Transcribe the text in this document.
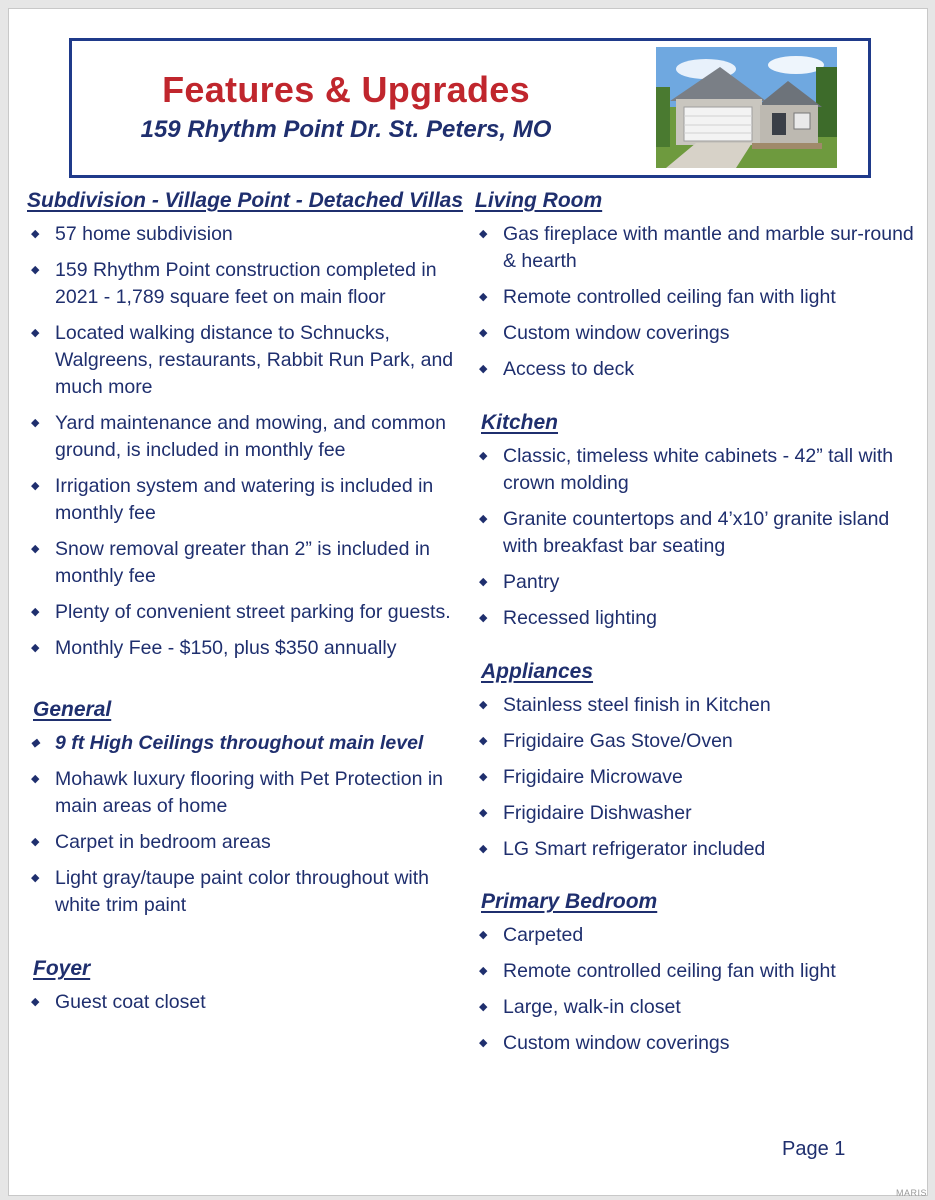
Features & Upgrades
159 Rhythm Point Dr. St. Peters, MO
Subdivision - Village Point - Detached Villas
◆ 57 home subdivision
◆ 159 Rhythm Point construction completed in 2021 - 1,789 square feet on main floor
◆ Located walking distance to Schnucks, Walgreens, restaurants, Rabbit Run Park, and much more
◆ Yard maintenance and mowing, and common ground, is included in monthly fee
◆ Irrigation system and watering is included in monthly fee
◆ Snow removal greater than 2” is included in monthly fee
◆ Plenty of convenient street parking for guests.
◆ Monthly Fee - $150, plus $350 annually
General
◆ 9 ft High Ceilings throughout main level
◆ Mohawk luxury flooring with Pet Protection in main areas of home
◆ Carpet in bedroom areas
◆ Light gray/taupe paint color throughout with white trim paint
Foyer
◆ Guest coat closet
Living Room
◆ Gas fireplace with mantle and marble sur-round & hearth
◆ Remote controlled ceiling fan with light
◆ Custom window coverings
◆ Access to deck
Kitchen
◆ Classic, timeless white cabinets - 42” tall with crown molding
◆ Granite countertops and 4’x10’ granite island with breakfast bar seating
◆ Pantry
◆ Recessed lighting
Appliances
◆ Stainless steel finish in Kitchen
◆ Frigidaire Gas Stove/Oven
◆ Frigidaire Microwave
◆ Frigidaire Dishwasher
◆ LG Smart refrigerator included
Primary Bedroom
◆ Carpeted
◆ Remote controlled ceiling fan with light
◆ Large, walk-in closet
◆ Custom window coverings
Page 1
MARIS
